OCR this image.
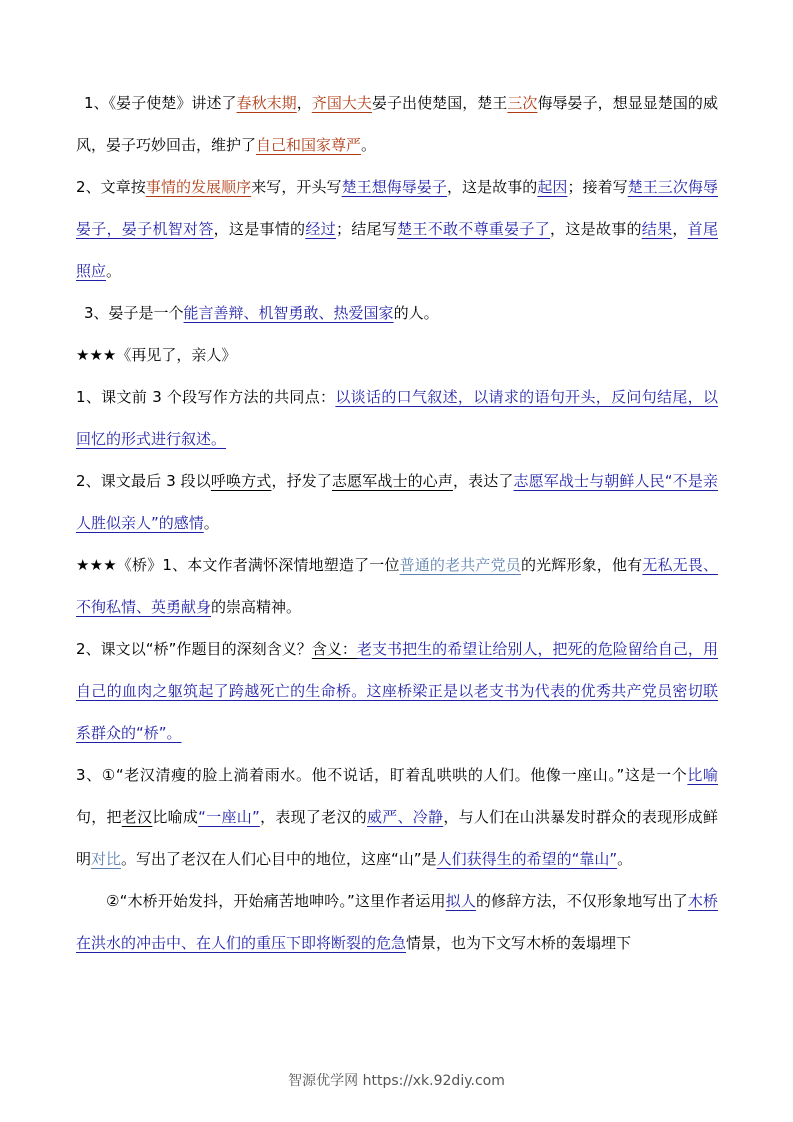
1、《晏子使楚》讲述了春秋末期，齐国大夫晏子出使楚国，楚王三次侮辱晏子，想显显楚国的威风，晏子巧妙回击，维护了自己和国家尊严。

2、文章按事情的发展顺序来写，开头写楚王想侮辱晏子，这是故事的起因；接着写楚王三次侮辱晏子，晏子机智对答，这是事情的经过；结尾写楚王不敢不尊重晏子了，这是故事的结果，首尾照应。

3、晏子是一个能言善辩、机智勇敢、热爱国家的人。

★★★《再见了，亲人》

1、课文前 3 个段写作方法的共同点：以谈话的口气叙述，以请求的语句开头，反问句结尾，以回忆的形式进行叙述。

2、课文最后 3 段以呼唤方式，抒发了志愿军战士的心声，表达了志愿军战士与朝鲜人民“不是亲人胜似亲人”的感情。

★★★《桥》1、本文作者满怀深情地塑造了一位普通的老共产党员的光辉形象，他有无私无畏、不徇私情、英勇献身的崇高精神。

2、课文以“桥”作题目的深刻含义？含义：老支书把生的希望让给别人，把死的危险留给自己，用自己的血肉之躯筑起了跨越死亡的生命桥。这座桥梁正是以老支书为代表的优秀共产党员密切联系群众的“桥”。

3、①“老汉清瘦的脸上淌着雨水。他不说话，盯着乱哄哄的人们。他像一座山。”这是一个比喻句，把老汉比喻成“一座山”，表现了老汉的威严、冷静，与人们在山洪暴发时群众的表现形成鲜明对比。写出了老汉在人们心目中的地位，这座“山”是人们获得生的希望的“靠山”。

②“木桥开始发抖，开始痛苦地呻吟。”这里作者运用拟人的修辞方法，不仅形象地写出了木桥在洪水的冲击中、在人们的重压下即将断裂的危急情景，也为下文写木桥的轰塌埋下

智源优学网 https://xk.92diy.com
